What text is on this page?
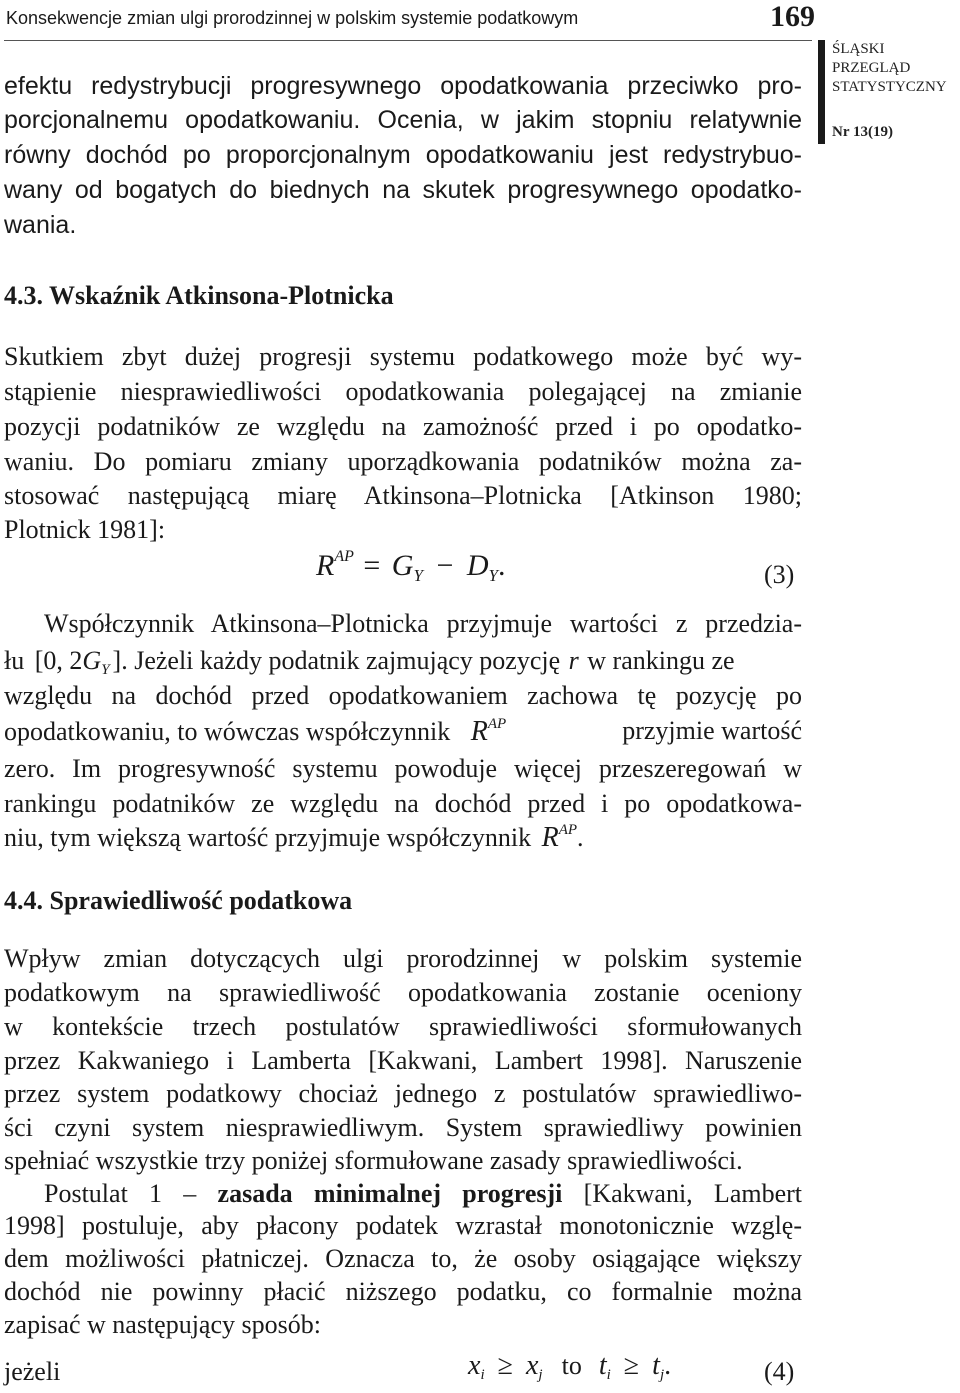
Konsekwencje zmian ulgi prorodzinnej w polskim systemie podatkowym	169
ŚLĄSKI
PRZEGLĄD
STATYSTYCZNY
Nr 13(19)
efektu redystrybucji progresywnego opodatkowania przeciwko pro-
porcjonalnemu opodatkowaniu. Ocenia, w jakim stopniu relatywnie
równy dochód po proporcjonalnym opodatkowaniu jest redystrybuo-
wany od bogatych do biednych na skutek progresywnego opodatko-
wania.
4.3. Wskaźnik Atkinsona-Plotnicka
Skutkiem zbyt dużej progresji systemu podatkowego może być wy-
stąpienie niesprawiedliwości opodatkowania polegającej na zmianie
pozycji podatników ze względu na zamożność przed i po opodatko-
waniu. Do pomiaru zmiany uporządkowania podatników można za-
stosować następującą miarę Atkinsona–Plotnicka [Atkinson 1980;
Plotnick 1981]:
$R^{AP} = G_Y - D_Y$.	(3)
Współczynnik Atkinsona–Plotnicka przyjmuje wartości z przedzia-
łu [0, $2G_Y$ ]. Jeżeli każdy podatnik zajmujący pozycję r w rankingu ze
względu na dochód przed opodatkowaniem zachowa tę pozycję po
opodatkowaniu, to wówczas współczynnik $R^{AP}$	przyjmie wartość
zero. Im progresywność systemu powoduje więcej przeszeregowań w
rankingu podatników ze względu na dochód przed i po opodatkowa-
niu, tym większą wartość przyjmuje współczynnik $R^{AP}$.
4.4. Sprawiedliwość podatkowa
Wpływ zmian dotyczących ulgi prorodzinnej w polskim systemie
podatkowym na sprawiedliwość opodatkowania zostanie oceniony
w kontekście trzech postulatów sprawiedliwości sformułowanych
przez Kakwaniego i Lamberta [Kakwani, Lambert 1998]. Naruszenie
przez system podatkowy chociaż jednego z postulatów sprawiedliwo-
ści czyni system niesprawiedliwym. System sprawiedliwy powinien
spełniać wszystkie trzy poniżej sformułowane zasady sprawiedliwości.
Postulat 1 – zasada minimalnej progresji [Kakwani, Lambert
1998] postuluje, aby płacony podatek wzrastał monotonicznie wzglę-
dem możliwości płatniczej. Oznacza to, że osoby osiągające większy
dochód nie powinny płacić niższego podatku, co formalnie można
zapisać w następujący sposób:
jeżeli	$x_i \ge x_j$ to $t_i \ge t_j$.	(4)
